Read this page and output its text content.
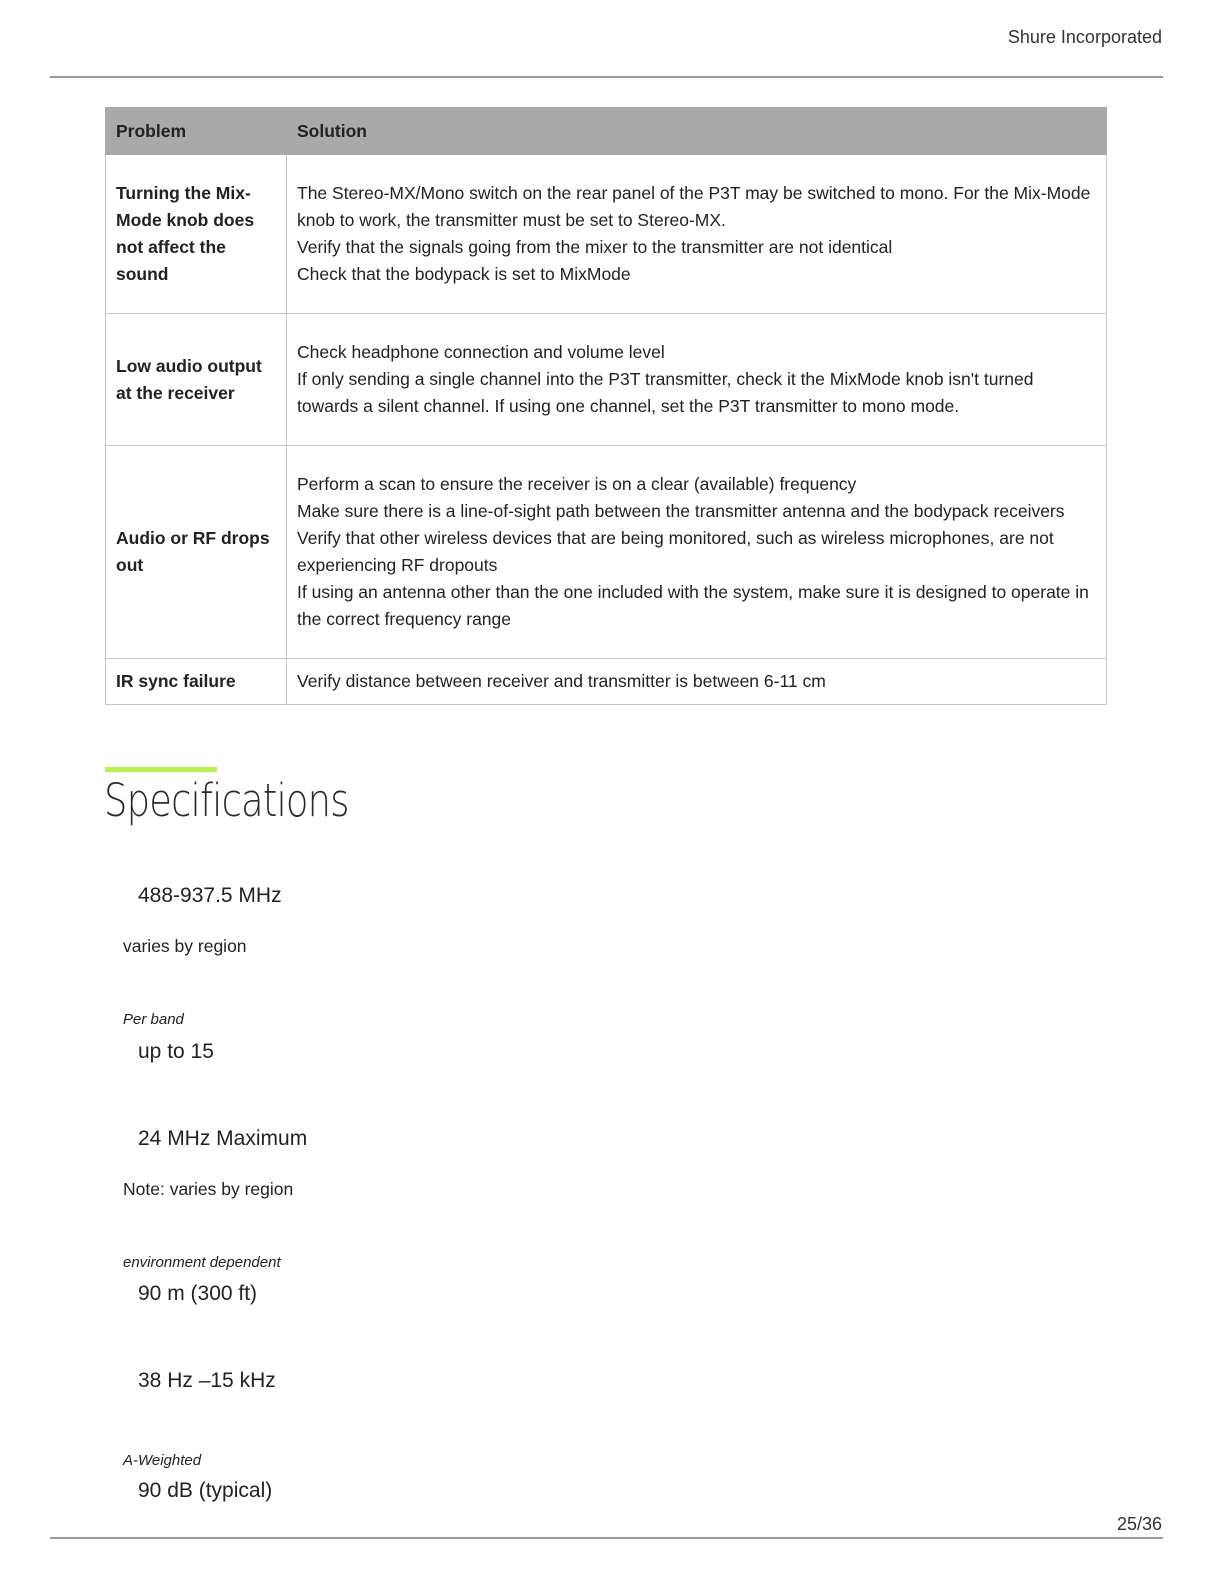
Shure Incorporated
Problem	Solution
Turning the Mix-Mode knob does not affect the sound	The Stereo-MX/Mono switch on the rear panel of the P3T may be switched to mono. For the Mix-Mode knob to work, the transmitter must be set to Stereo-MX.
Verify that the signals going from the mixer to the transmitter are not identical
Check that the bodypack is set to MixMode

Low audio output at the receiver	Check headphone connection and volume level
If only sending a single channel into the P3T transmitter, check it the MixMode knob isn't turned towards a silent channel. If using one channel, set the P3T transmitter to mono mode.

Audio or RF drops out	Perform a scan to ensure the receiver is on a clear (available) frequency
Make sure there is a line-of-sight path between the transmitter antenna and the bodypack receivers
Verify that other wireless devices that are being monitored, such as wireless microphones, are not experiencing RF dropouts
If using an antenna other than the one included with the system, make sure it is designed to operate in the correct frequency range

IR sync failure	Verify distance between receiver and transmitter is between 6-11 cm
Specifications
488-937.5 MHz
varies by region
Per band
up to 15
24 MHz Maximum
Note: varies by region
environment dependent
90 m (300 ft)
38 Hz –15 kHz
A-Weighted
90 dB (typical)
25/36
